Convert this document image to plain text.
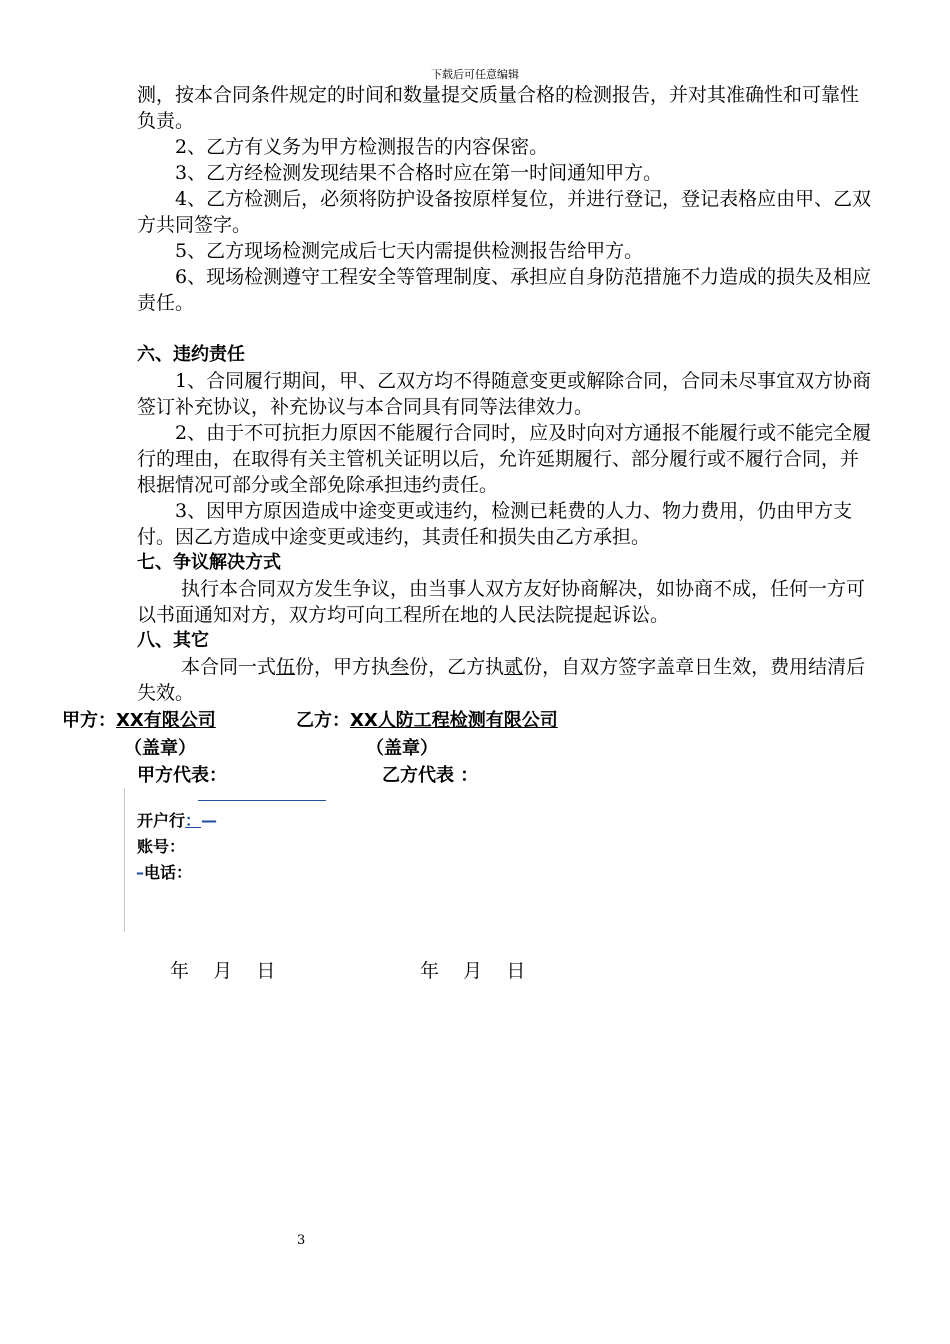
下载后可任意编辑

测，按本合同条件规定的时间和数量提交质量合格的检测报告，并对其准确性和可靠性负责。

2、乙方有义务为甲方检测报告的内容保密。

3、乙方经检测发现结果不合格时应在第一时间通知甲方。

4、乙方检测后，必须将防护设备按原样复位，并进行登记，登记表格应由甲、乙双方共同签字。

5、乙方现场检测完成后七天内需提供检测报告给甲方。

6、现场检测遵守工程安全等管理制度、承担应自身防范措施不力造成的损失及相应责任。

六、违约责任

1、合同履行期间，甲、乙双方均不得随意变更或解除合同，合同未尽事宜双方协商签订补充协议，补充协议与本合同具有同等法律效力。

2、由于不可抗拒力原因不能履行合同时，应及时向对方通报不能履行或不能完全履行的理由，在取得有关主管机关证明以后，允许延期履行、部分履行或不履行合同，并根据情况可部分或全部免除承担违约责任。

3、因甲方原因造成中途变更或违约，检测已耗费的人力、物力费用，仍由甲方支付。因乙方造成中途变更或违约，其责任和损失由乙方承担。

七、争议解决方式

执行本合同双方发生争议，由当事人双方友好协商解决，如协商不成，任何一方可以书面通知对方，双方均可向工程所在地的人民法院提起诉讼。

八、其它

本合同一式伍份，甲方执叁份，乙方执贰份，自双方签字盖章日生效，费用结清后失效。

甲方：XX有限公司	乙方：XX人防工程检测有限公司
（盖章）	（盖章）
甲方代表：	乙方代表 ：
开户行：—
账号：
–电话：
年    月    日	年    月    日
3
